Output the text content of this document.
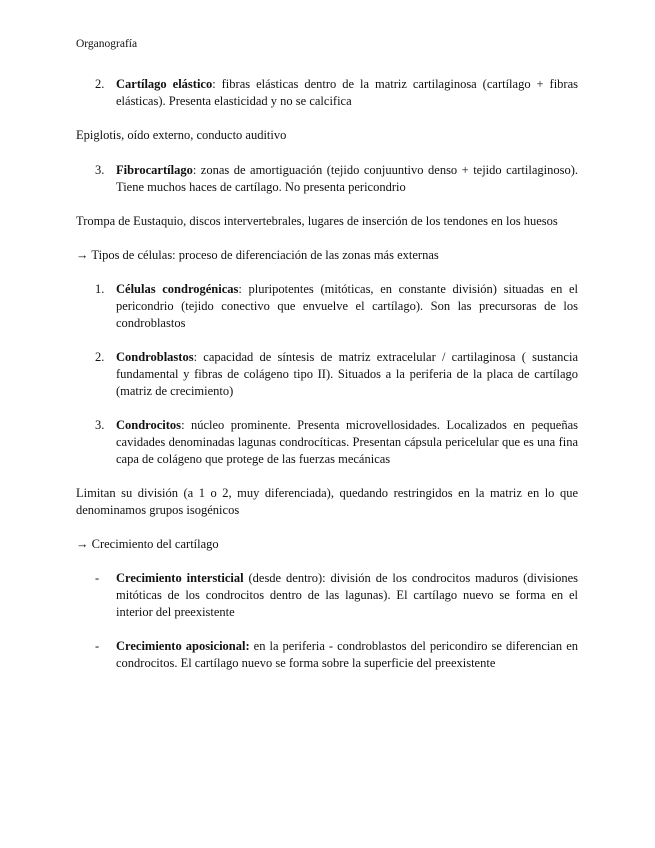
Organografía
2. Cartílago elástico: fibras elásticas dentro de la matriz cartilaginosa (cartílago + fibras elásticas). Presenta elasticidad y no se calcifica
Epiglotis, oído externo, conducto auditivo
3. Fibrocartílago: zonas de amortiguación (tejido conjuuntivo denso + tejido cartilaginoso). Tiene muchos haces de cartílago. No presenta pericondrio
Trompa de Eustaquio, discos intervertebrales, lugares de inserción de los tendones en los huesos
→ Tipos de células: proceso de diferenciación de las zonas más externas
1. Células condrogénicas: pluripotentes (mitóticas, en constante división) situadas en el pericondrio (tejido conectivo que envuelve el cartílago). Son las precursoras de los condroblastos
2. Condroblastos: capacidad de síntesis de matriz extracelular / cartilaginosa ( sustancia fundamental y fibras de colágeno tipo II). Situados a la periferia de la placa de cartílago (matriz de crecimiento)
3. Condrocitos: núcleo prominente. Presenta microvellosidades. Localizados en pequeñas cavidades denominadas lagunas condrocíticas. Presentan cápsula pericelular que es una fina capa de colágeno que protege de las fuerzas mecánicas
Limitan su división (a 1 o 2, muy diferenciada), quedando restringidos en la matriz en lo que denominamos grupos isogénicos
→ Crecimiento del cartílago
-	Crecimiento intersticial (desde dentro): división de los condrocitos maduros (divisiones mitóticas de los condrocitos dentro de las lagunas). El cartílago nuevo se forma en el interior del preexistente
-	Crecimiento aposicional: en la periferia - condroblastos del pericondiro se diferencian en condrocitos. El cartílago nuevo se forma sobre la superficie del preexistente
